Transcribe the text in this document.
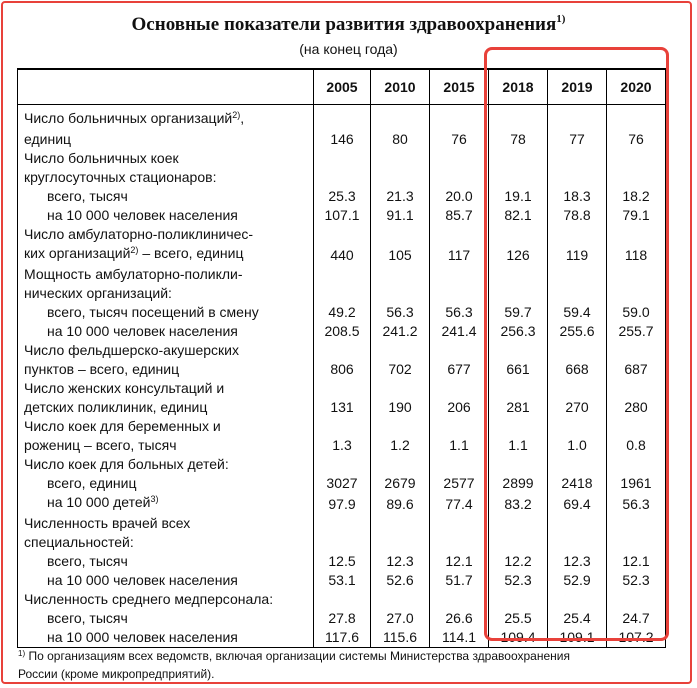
Основные показатели развития здравоохранения$^{1)}$
(на конец года)
	2005	2010	2015	2018	2019	2020

Число больничных организаций$^{2)}$,						
единиц	146	80	76	78	77	76
Число больничных коек						
круглосуточных стационаров:						
всего, тысяч	25.3	21.3	20.0	19.1	18.3	18.2
на 10 000 человек населения	107.1	91.1	85.7	82.1	78.8	79.1
Число амбулаторно-поликлиничес-						
ких организаций$^{2)}$ – всего, единиц	440	105	117	126	119	118
Мощность амбулаторно-поликли-						
нических организаций:						
всего, тысяч посещений в смену	49.2	56.3	56.3	59.7	59.4	59.0
на 10 000 человек населения	208.5	241.2	241.4	256.3	255.6	255.7
Число фельдшерско-акушерских						
пунктов – всего, единиц	806	702	677	661	668	687
Число женских консультаций и						
детских поликлиник, единиц	131	190	206	281	270	280
Число коек для беременных и						
рожениц – всего, тысяч	1.3	1.2	1.1	1.1	1.0	0.8
Число коек для больных детей:						
всего, единиц	3027	2679	2577	2899	2418	1961
на 10 000 детей$^{3)}$	97.9	89.6	77.4	83.2	69.4	56.3
Численность врачей всех						
специальностей:						
всего, тысяч	12.5	12.3	12.1	12.2	12.3	12.1
на 10 000 человек населения	53.1	52.6	51.7	52.3	52.9	52.3
Численность среднего медперсонала:						
всего, тысяч	27.8	27.0	26.6	25.5	25.4	24.7
на 10 000 человек населения	117.6	115.6	114.1	109.4	109.1	107.2
$^{1)}$ По организациям всех ведомств, включая организации системы Министерства здравоохранения
России (кроме микропредприятий).
